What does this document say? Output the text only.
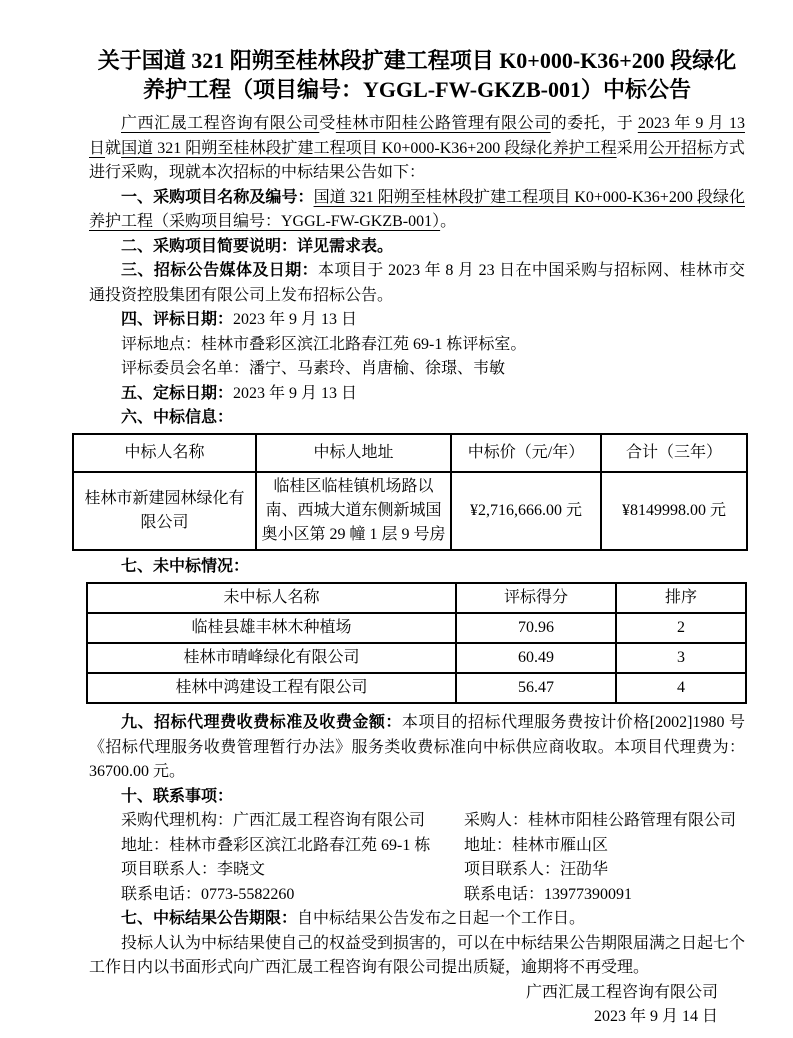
关于国道 321 阳朔至桂林段扩建工程项目 K0+000-K36+200 段绿化养护工程（项目编号：YGGL-FW-GKZB-001）中标公告

广西汇晟工程咨询有限公司受桂林市阳桂公路管理有限公司的委托，于 2023 年 9 月 13 日就国道 321 阳朔至桂林段扩建工程项目 K0+000-K36+200 段绿化养护工程采用公开招标方式进行采购，现就本次招标的中标结果公告如下：

一、采购项目名称及编号：国道 321 阳朔至桂林段扩建工程项目 K0+000-K36+200 段绿化养护工程（采购项目编号：YGGL-FW-GKZB-001）。

二、采购项目简要说明：详见需求表。

三、招标公告媒体及日期：本项目于 2023 年 8 月 23 日在中国采购与招标网、桂林市交通投资控股集团有限公司上发布招标公告。

四、评标日期：2023 年 9 月 13 日

评标地点：桂林市叠彩区滨江北路春江苑 69-1 栋评标室。

评标委员会名单：潘宁、马素玲、肖唐榆、徐璟、韦敏

五、定标日期：2023 年 9 月 13 日

六、中标信息：

中标人名称	中标人地址	中标价（元/年）	合计（三年）
桂林市新建园林绿化有限公司	临桂区临桂镇机场路以南、西城大道东侧新城国奥小区第 29 幢 1 层 9 号房	¥2,716,666.00 元	¥8149998.00 元

七、未中标情况：

未中标人名称	评标得分	排序
临桂县雄丰林木种植场	70.96	2
桂林市晴峰绿化有限公司	60.49	3
桂林中鸿建设工程有限公司	56.47	4

九、招标代理费收费标准及收费金额：本项目的招标代理服务费按计价格[2002]1980 号《招标代理服务收费管理暂行办法》服务类收费标准向中标供应商收取。本项目代理费为：36700.00 元。

十、联系事项：

采购代理机构：广西汇晟工程咨询有限公司	采购人：桂林市阳桂公路管理有限公司
地址：桂林市叠彩区滨江北路春江苑 69-1 栋	地址：桂林市雁山区
项目联系人：李晓文	项目联系人：汪劭华
联系电话：0773-5582260	联系电话：13977390091

七、中标结果公告期限：自中标结果公告发布之日起一个工作日。

投标人认为中标结果使自己的权益受到损害的，可以在中标结果公告期限届满之日起七个工作日内以书面形式向广西汇晟工程咨询有限公司提出质疑，逾期将不再受理。

广西汇晟工程咨询有限公司

2023 年 9 月 14 日
